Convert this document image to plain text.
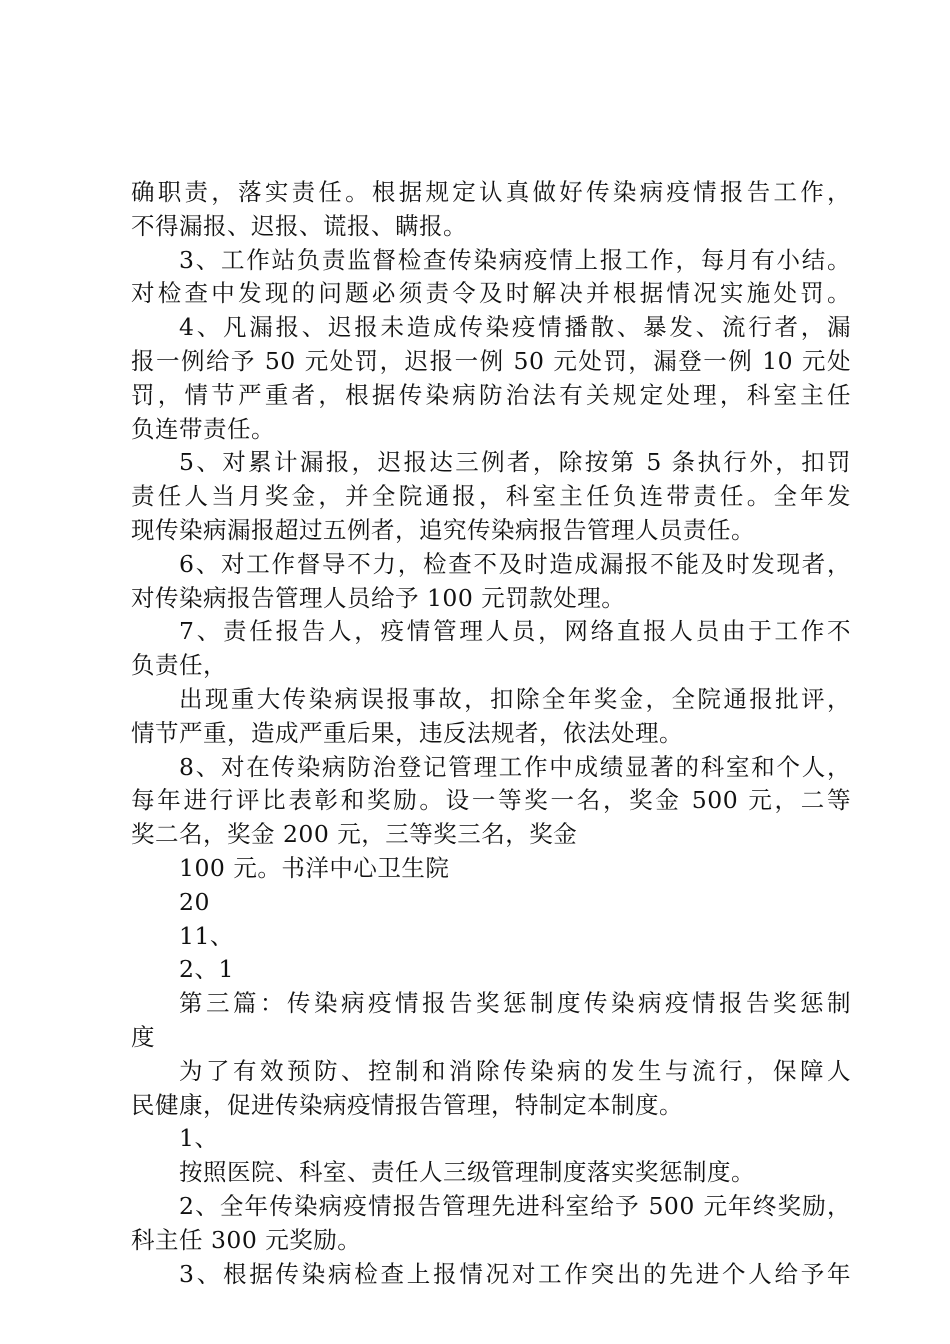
确职责，落实责任。根据规定认真做好传染病疫情报告工作，
不得漏报、迟报、谎报、瞒报。
3、工作站负责监督检查传染病疫情上报工作，每月有小结。
对检查中发现的问题必须责令及时解决并根据情况实施处罚。
4、凡漏报、迟报未造成传染疫情播散、暴发、流行者，漏
报一例给予 50 元处罚，迟报一例 50 元处罚，漏登一例 10 元处
罚，情节严重者，根据传染病防治法有关规定处理，科室主任
负连带责任。
5、对累计漏报，迟报达三例者，除按第 5 条执行外，扣罚
责任人当月奖金，并全院通报，科室主任负连带责任。全年发
现传染病漏报超过五例者，追究传染病报告管理人员责任。
6、对工作督导不力，检查不及时造成漏报不能及时发现者，
对传染病报告管理人员给予 100 元罚款处理。
7、责任报告人，疫情管理人员，网络直报人员由于工作不
负责任，
出现重大传染病误报事故，扣除全年奖金，全院通报批评，
情节严重，造成严重后果，违反法规者，依法处理。
8、对在传染病防治登记管理工作中成绩显著的科室和个人，
每年进行评比表彰和奖励。设一等奖一名，奖金 500 元，二等
奖二名，奖金 200 元，三等奖三名，奖金
100 元。书洋中心卫生院
20
11、
2、1
第三篇：传染病疫情报告奖惩制度传染病疫情报告奖惩制
度
为了有效预防、控制和消除传染病的发生与流行，保障人
民健康，促进传染病疫情报告管理，特制定本制度。
1、
按照医院、科室、责任人三级管理制度落实奖惩制度。
2、全年传染病疫情报告管理先进科室给予 500 元年终奖励，
科主任 300 元奖励。
3、根据传染病检查上报情况对工作突出的先进个人给予年
